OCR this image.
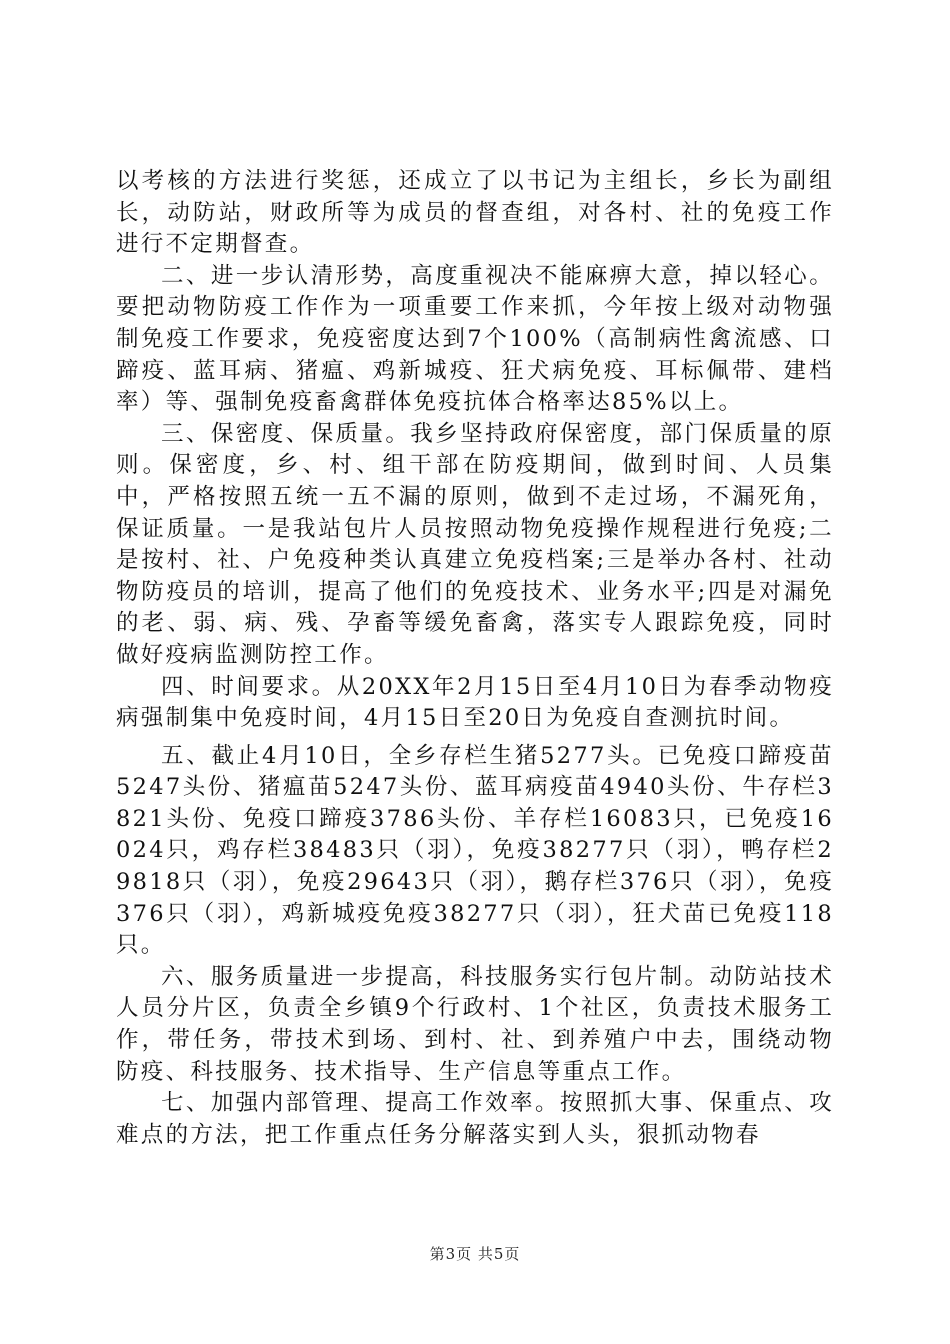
以考核的方法进行奖惩，还成立了以书记为主组长，乡长为副组长，动防站，财政所等为成员的督查组，对各村、社的免疫工作进行不定期督查。

二、进一步认清形势，高度重视决不能麻痹大意，掉以轻心。要把动物防疫工作作为一项重要工作来抓，今年按上级对动物强制免疫工作要求，免疫密度达到7个100%（高制病性禽流感、口蹄疫、蓝耳病、猪瘟、鸡新城疫、狂犬病免疫、耳标佩带、建档率）等、强制免疫畜禽群体免疫抗体合格率达85%以上。

三、保密度、保质量。我乡坚持政府保密度，部门保质量的原则。保密度，乡、村、组干部在防疫期间，做到时间、人员集中，严格按照五统一五不漏的原则，做到不走过场，不漏死角，保证质量。一是我站包片人员按照动物免疫操作规程进行免疫;二是按村、社、户免疫种类认真建立免疫档案;三是举办各村、社动物防疫员的培训，提高了他们的免疫技术、业务水平;四是对漏免的老、弱、病、残、孕畜等缓免畜禽，落实专人跟踪免疫，同时做好疫病监测防控工作。

四、时间要求。从20XX年2月15日至4月10日为春季动物疫病强制集中免疫时间，4月15日至20日为免疫自查测抗时间。

五、截止4月10日，全乡存栏生猪5277头。已免疫口蹄疫苗5247头份、猪瘟苗5247头份、蓝耳病疫苗4940头份、牛存栏3821头份、免疫口蹄疫3786头份、羊存栏16083只，已免疫16024只，鸡存栏38483只（羽），免疫38277只（羽），鸭存栏29818只（羽），免疫29643只（羽），鹅存栏376只（羽），免疫376只（羽），鸡新城疫免疫38277只（羽），狂犬苗已免疫118只。

六、服务质量进一步提高，科技服务实行包片制。动防站技术人员分片区，负责全乡镇9个行政村、1个社区，负责技术服务工作，带任务，带技术到场、到村、社、到养殖户中去，围绕动物防疫、科技服务、技术指导、生产信息等重点工作。

七、加强内部管理、提高工作效率。按照抓大事、保重点、攻难点的方法，把工作重点任务分解落实到人头，狠抓动物春

第3页 共5页
